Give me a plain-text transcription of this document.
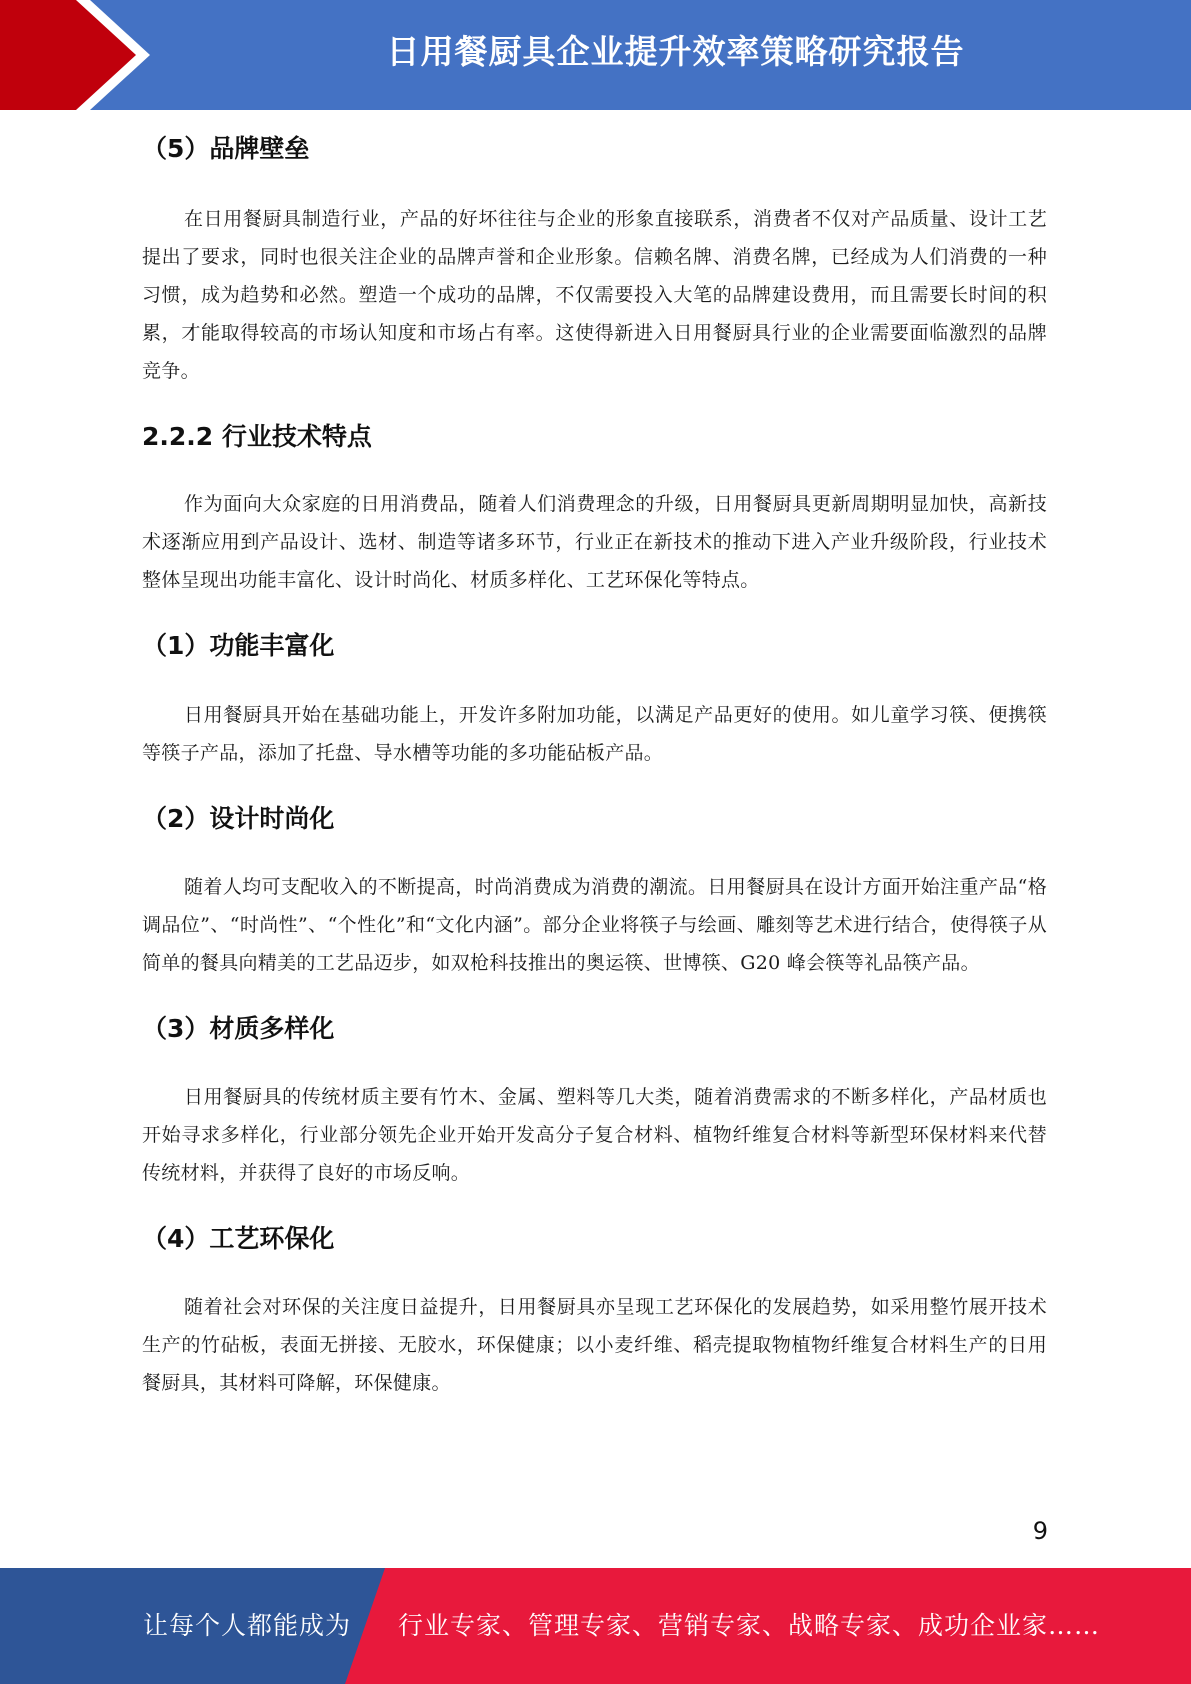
日用餐厨具企业提升效率策略研究报告
（5）品牌壁垒

在日用餐厨具制造行业，产品的好坏往往与企业的形象直接联系，消费者不仅对产品质量、设计工艺提出了要求，同时也很关注企业的品牌声誉和企业形象。信赖名牌、消费名牌，已经成为人们消费的一种习惯，成为趋势和必然。塑造一个成功的品牌，不仅需要投入大笔的品牌建设费用，而且需要长时间的积累，才能取得较高的市场认知度和市场占有率。这使得新进入日用餐厨具行业的企业需要面临激烈的品牌竞争。

2.2.2 行业技术特点

作为面向大众家庭的日用消费品，随着人们消费理念的升级，日用餐厨具更新周期明显加快，高新技术逐渐应用到产品设计、选材、制造等诸多环节，行业正在新技术的推动下进入产业升级阶段，行业技术整体呈现出功能丰富化、设计时尚化、材质多样化、工艺环保化等特点。

（1）功能丰富化

日用餐厨具开始在基础功能上，开发许多附加功能，以满足产品更好的使用。如儿童学习筷、便携筷等筷子产品，添加了托盘、导水槽等功能的多功能砧板产品。

（2）设计时尚化

随着人均可支配收入的不断提高，时尚消费成为消费的潮流。日用餐厨具在设计方面开始注重产品“格调品位”、“时尚性”、“个性化”和“文化内涵”。部分企业将筷子与绘画、雕刻等艺术进行结合，使得筷子从简单的餐具向精美的工艺品迈步，如双枪科技推出的奥运筷、世博筷、G20 峰会筷等礼品筷产品。

（3）材质多样化

日用餐厨具的传统材质主要有竹木、金属、塑料等几大类，随着消费需求的不断多样化，产品材质也开始寻求多样化，行业部分领先企业开始开发高分子复合材料、植物纤维复合材料等新型环保材料来代替传统材料，并获得了良好的市场反响。

（4）工艺环保化

随着社会对环保的关注度日益提升，日用餐厨具亦呈现工艺环保化的发展趋势，如采用整竹展开技术生产的竹砧板，表面无拼接、无胶水，环保健康；以小麦纤维、稻壳提取物植物纤维复合材料生产的日用餐厨具，其材料可降解，环保健康。

9
让每个人都能成为 行业专家、管理专家、营销专家、战略专家、成功企业家……
